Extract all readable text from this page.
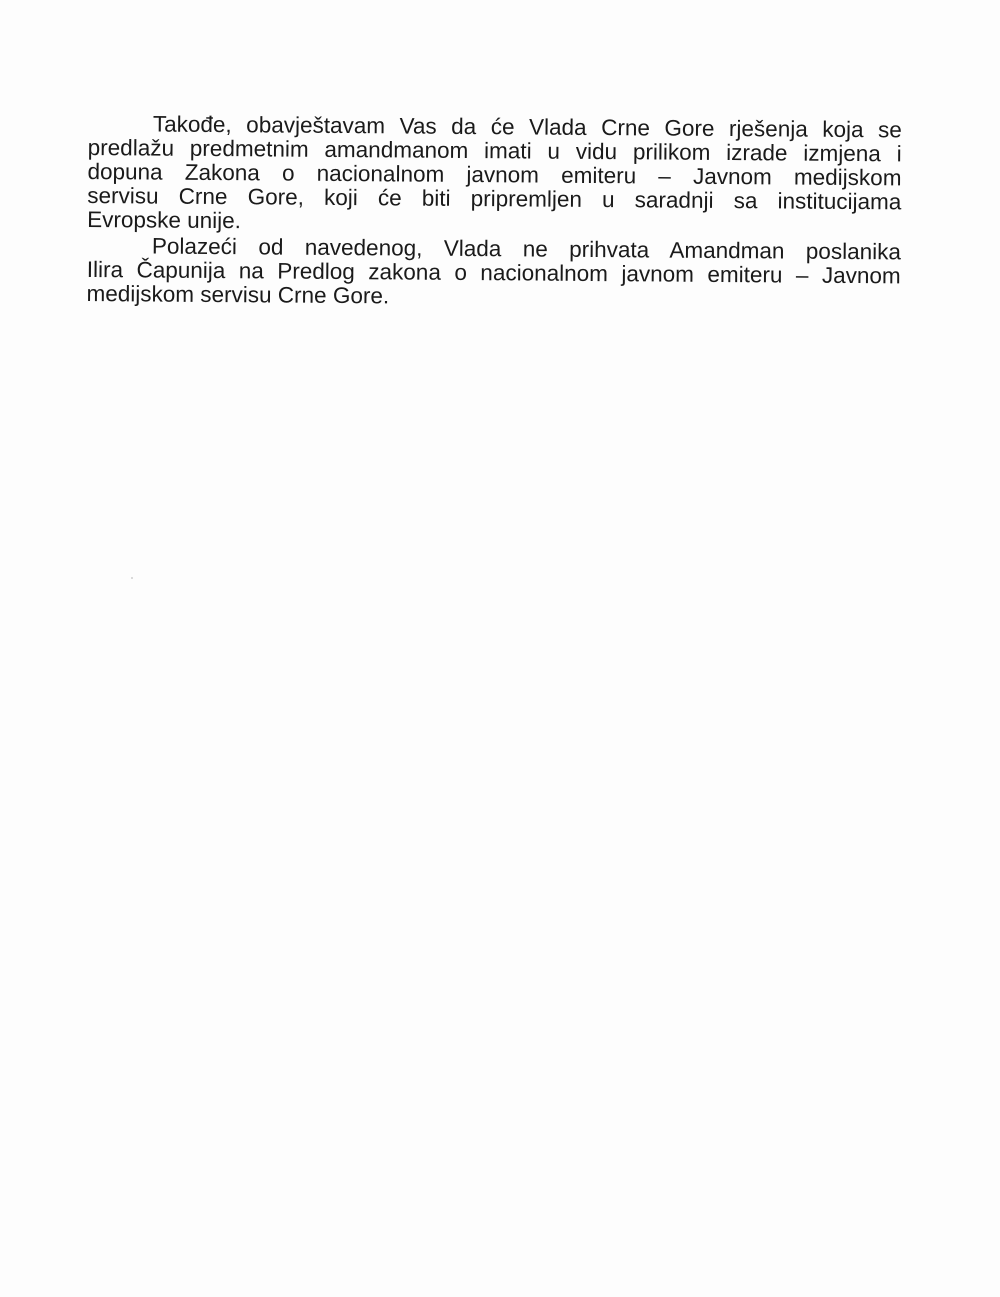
Takođe, obavještavam Vas da će Vlada Crne Gore rješenja koja se
predlažu predmetnim amandmanom imati u vidu prilikom izrade izmjena i
dopuna Zakona o nacionalnom javnom emiteru – Javnom medijskom
servisu Crne Gore, koji će biti pripremljen u saradnji sa institucijama
Evropske unije.
Polazeći od navedenog, Vlada ne prihvata Amandman poslanika
Ilira Čapunija na Predlog zakona o nacionalnom javnom emiteru – Javnom
medijskom servisu Crne Gore.
